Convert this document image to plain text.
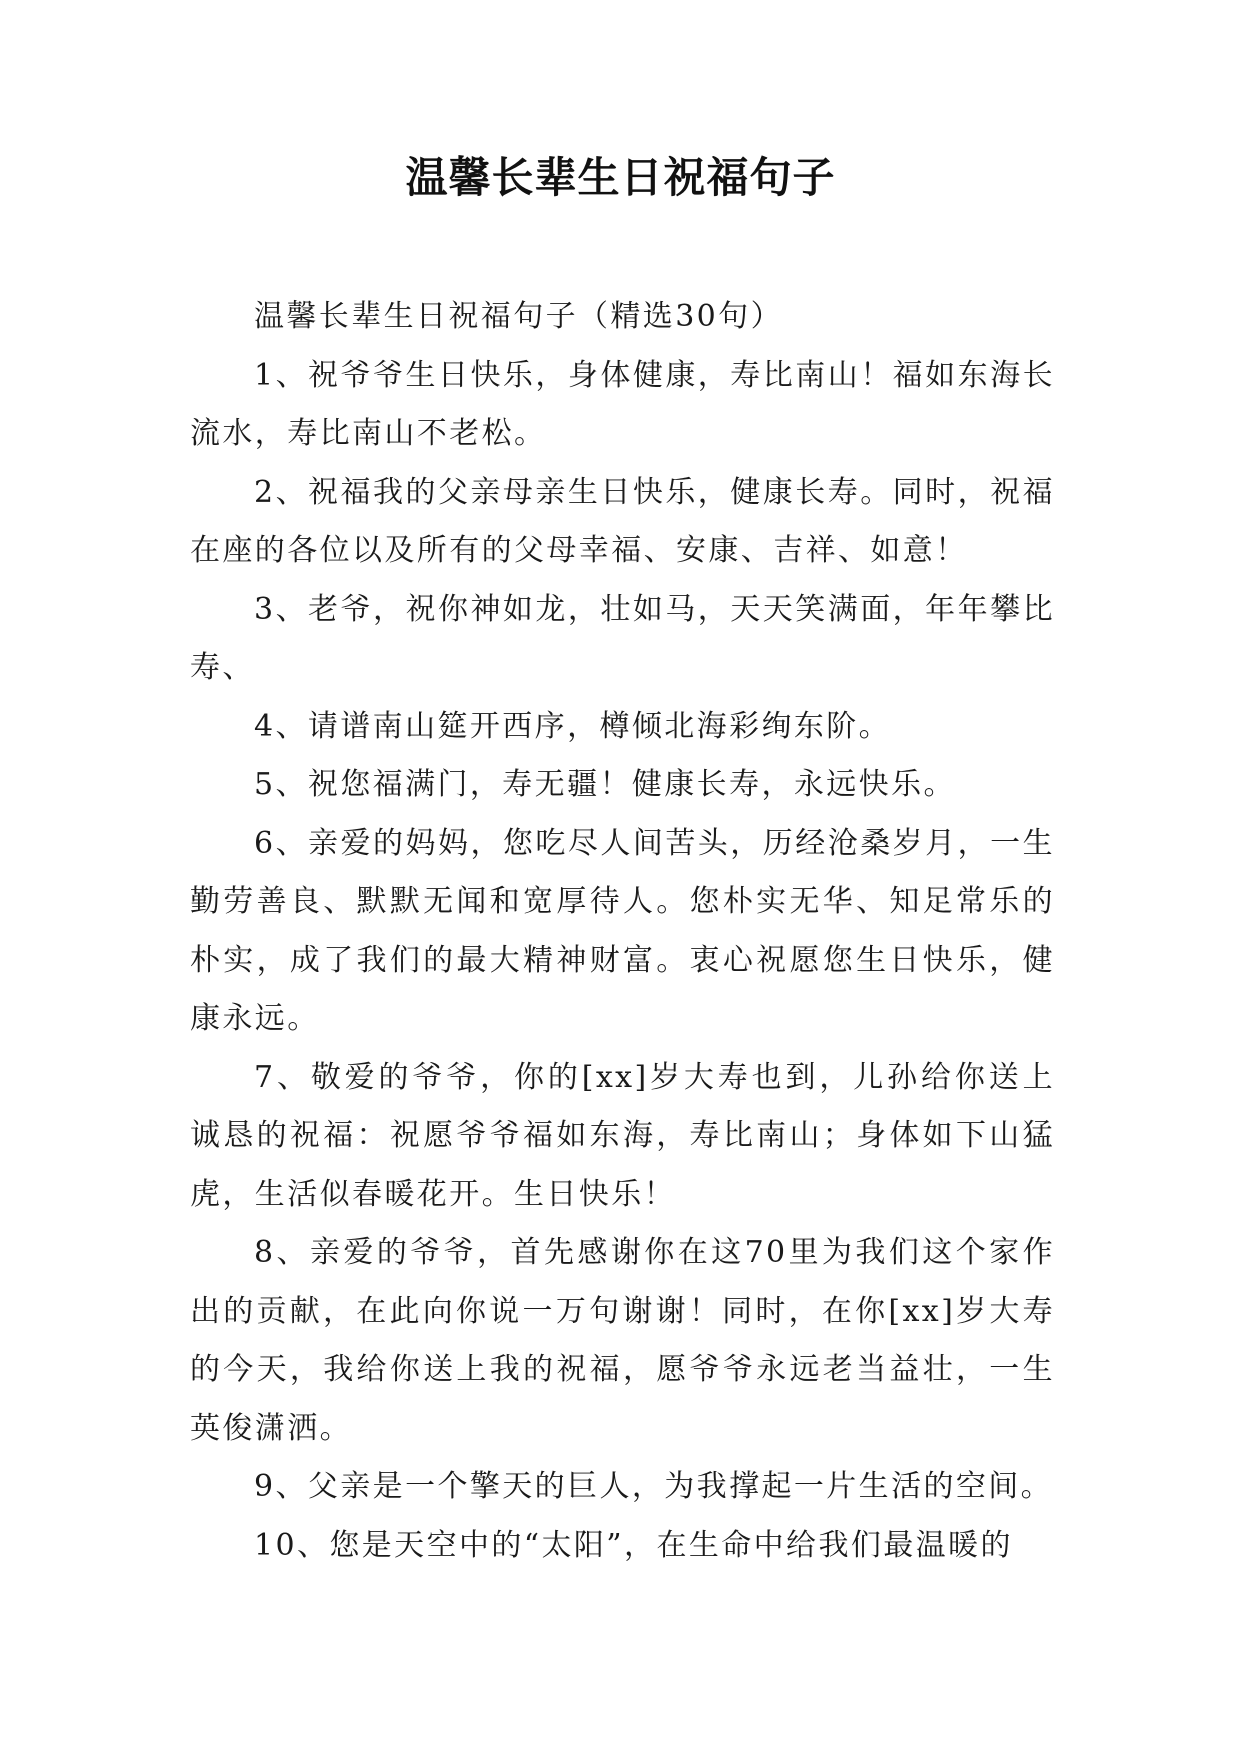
温馨长辈生日祝福句子

温馨长辈生日祝福句子（精选30句）

1、祝爷爷生日快乐，身体健康，寿比南山！福如东海长流水，寿比南山不老松。

2、祝福我的父亲母亲生日快乐，健康长寿。同时，祝福在座的各位以及所有的父母幸福、安康、吉祥、如意！

3、老爷，祝你神如龙，壮如马，天天笑满面，年年攀比寿、

4、请谱南山筵开西序，樽倾北海彩绚东阶。

5、祝您福满门，寿无疆！健康长寿，永远快乐。

6、亲爱的妈妈，您吃尽人间苦头，历经沧桑岁月，一生勤劳善良、默默无闻和宽厚待人。您朴实无华、知足常乐的朴实，成了我们的最大精神财富。衷心祝愿您生日快乐，健康永远。

7、敬爱的爷爷，你的[xx]岁大寿也到，儿孙给你送上诚恳的祝福：祝愿爷爷福如东海，寿比南山；身体如下山猛虎，生活似春暖花开。生日快乐！

8、亲爱的爷爷，首先感谢你在这70里为我们这个家作出的贡献，在此向你说一万句谢谢！同时，在你[xx]岁大寿的今天，我给你送上我的祝福，愿爷爷永远老当益壮，一生英俊潇洒。

9、父亲是一个擎天的巨人，为我撑起一片生活的空间。

10、您是天空中的“太阳”，在生命中给我们最温暖的
